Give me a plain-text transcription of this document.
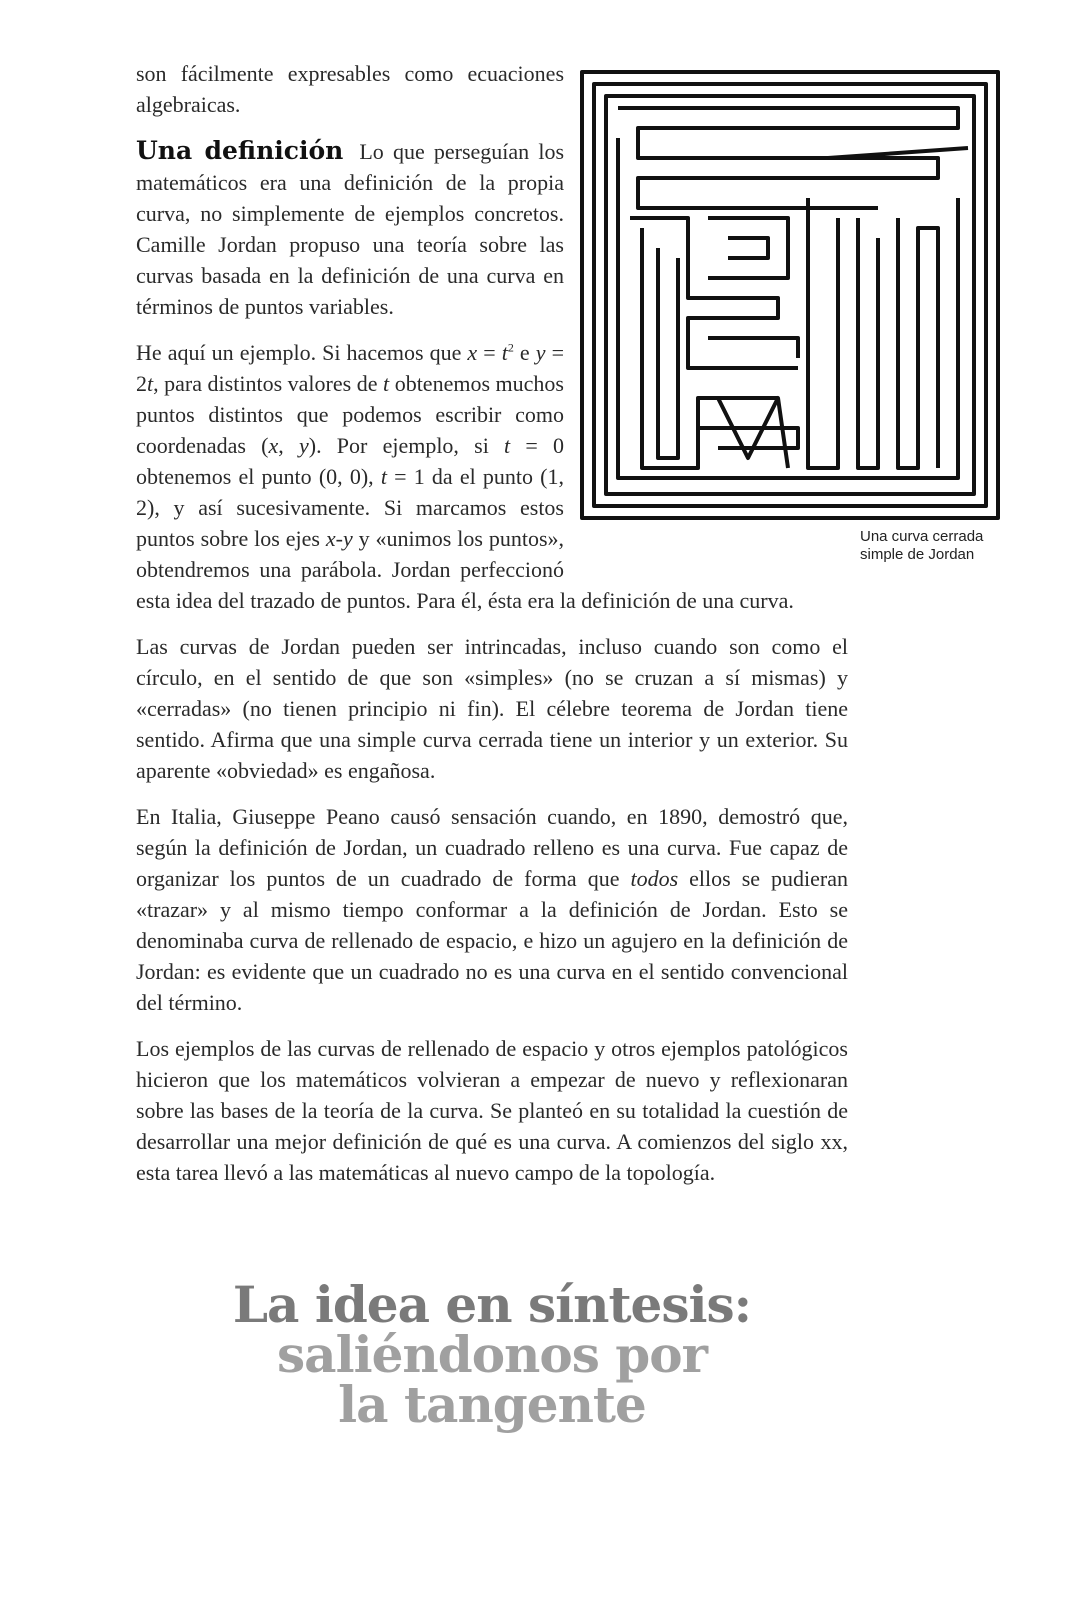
Una curva cerrada
simple de Jordan

son fácilmente expresables como ecuaciones algebraicas.

Una definición Lo que perseguían los matemáticos era una definición de la propia curva, no simplemente de ejemplos concretos. Camille Jordan propuso una teoría sobre las curvas basada en la definición de una curva en términos de puntos variables.

He aquí un ejemplo. Si hacemos que $x = t^2$ e y = 2t, para distintos valores de t obtenemos muchos puntos distintos que podemos escribir como coordenadas (x, y). Por ejemplo, si t = 0 obtenemos el punto (0, 0), t = 1 da el punto (1, 2), y así sucesivamente. Si marcamos estos puntos sobre los ejes x-y y «unimos los puntos», obtendremos una parábola. Jordan perfeccionó esta idea del trazado de puntos. Para él, ésta era la definición de una curva.

Las curvas de Jordan pueden ser intrincadas, incluso cuando son como el círculo, en el sentido de que son «simples» (no se cruzan a sí mismas) y «cerradas» (no tienen principio ni fin). El célebre teorema de Jordan tiene sentido. Afirma que una simple curva cerrada tiene un interior y un exterior. Su aparente «obviedad» es engañosa.

En Italia, Giuseppe Peano causó sensación cuando, en 1890, demostró que, según la definición de Jordan, un cuadrado relleno es una curva. Fue capaz de organizar los puntos de un cuadrado de forma que todos ellos se pudieran «trazar» y al mismo tiempo conformar a la definición de Jordan. Esto se denominaba curva de rellenado de espacio, e hizo un agujero en la definición de Jordan: es evidente que un cuadrado no es una curva en el sentido convencional del término.

Los ejemplos de las curvas de rellenado de espacio y otros ejemplos patológicos hicieron que los matemáticos volvieran a empezar de nuevo y reflexionaran sobre las bases de la teoría de la curva. Se planteó en su totalidad la cuestión de desarrollar una mejor definición de qué es una curva. A comienzos del siglo xx, esta tarea llevó a las matemáticas al nuevo campo de la topología.

La idea en síntesis:
saliéndonos por
la tangente
